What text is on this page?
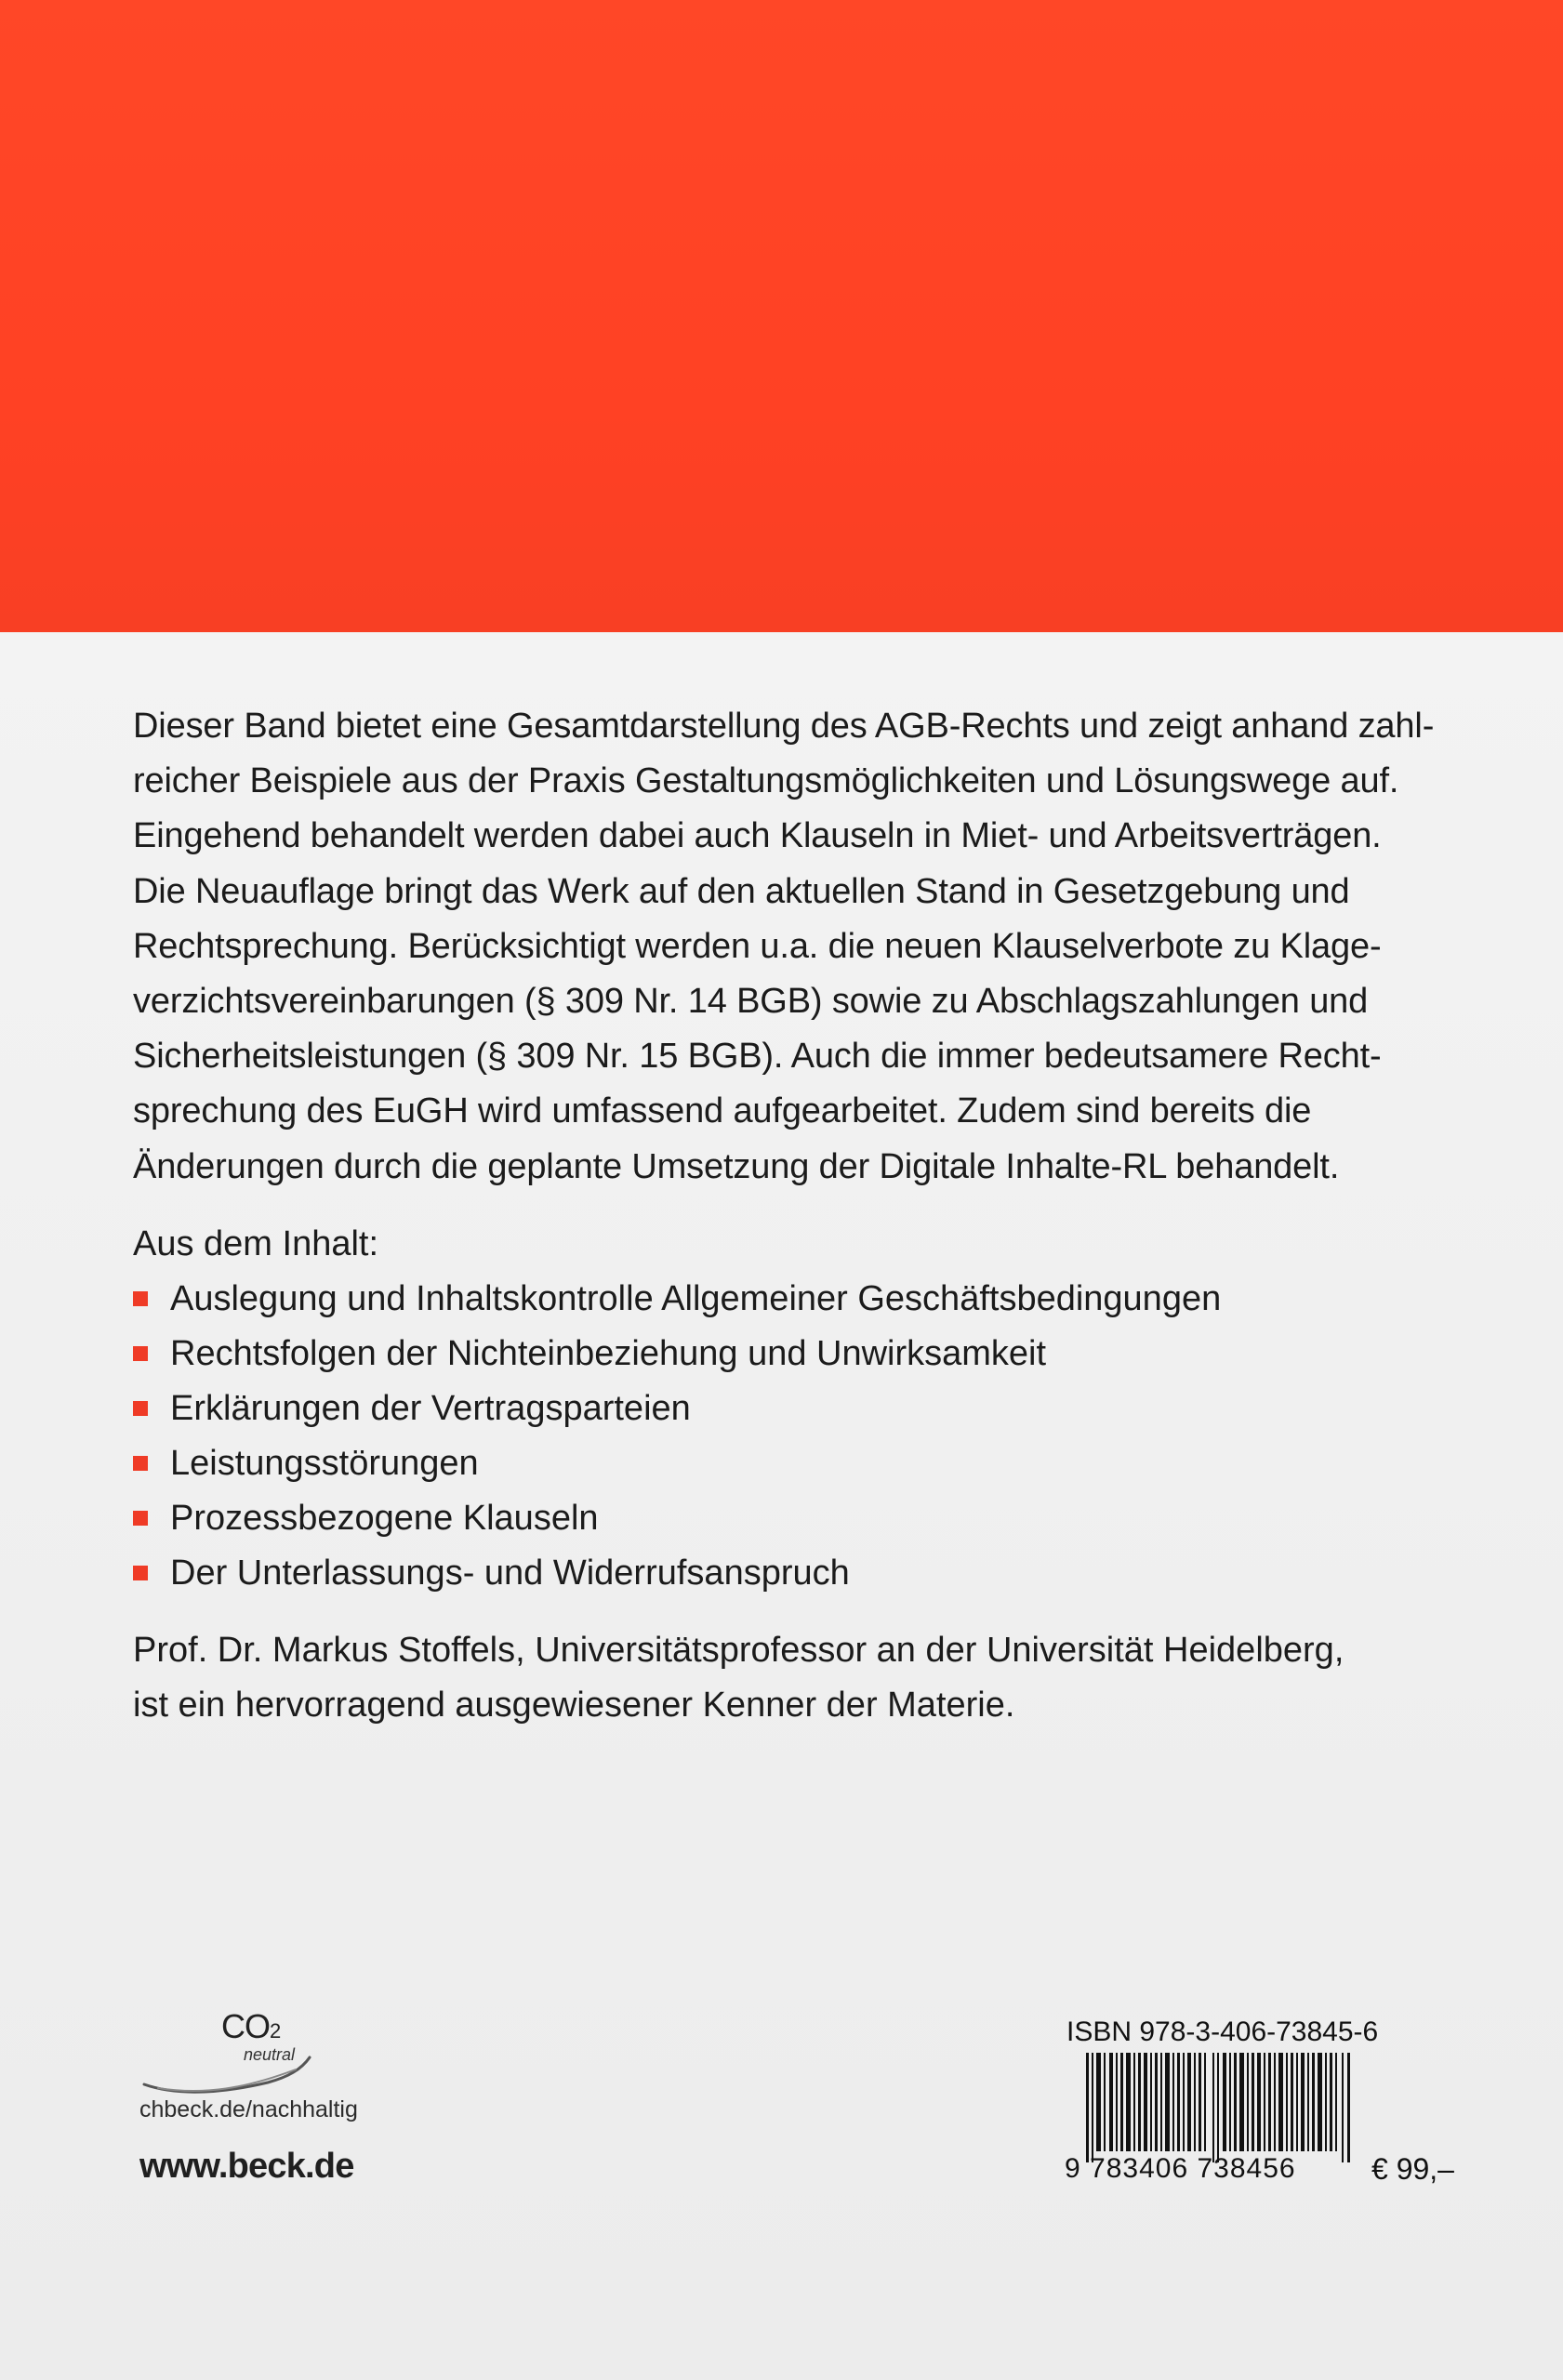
Dieser Band bietet eine Gesamtdarstellung des AGB-Rechts und zeigt anhand zahl-

reicher Beispiele aus der Praxis Gestaltungsmöglichkeiten und Lösungswege auf.

Eingehend behandelt werden dabei auch Klauseln in Miet- und Arbeitsverträgen.

Die Neuauflage bringt das Werk auf den aktuellen Stand in Gesetzgebung und

Rechtsprechung. Berücksichtigt werden u.a. die neuen Klauselverbote zu Klage-

verzichtsvereinbarungen (§ 309 Nr. 14 BGB) sowie zu Abschlagszahlungen und

Sicherheitsleistungen (§ 309 Nr. 15 BGB). Auch die immer bedeutsamere Recht-

sprechung des EuGH wird umfassend aufgearbeitet. Zudem sind bereits die

Änderungen durch die geplante Umsetzung der Digitale Inhalte-RL behandelt.

Aus dem Inhalt:
Auslegung und Inhaltskontrolle Allgemeiner Geschäftsbedingungen
Rechtsfolgen der Nichteinbeziehung und Unwirksamkeit
Erklärungen der Vertragsparteien
Leistungsstörungen
Prozessbezogene Klauseln
Der Unterlassungs- und Widerrufsanspruch

Prof. Dr. Markus Stoffels, Universitätsprofessor an der Universität Heidelberg,

ist ein hervorragend ausgewiesener Kenner der Materie.

CO2
neutral
chbeck.de/nachhaltig
www.beck.de
ISBN 978-3-406-73845-6
9 783406 738456	€ 99,–
